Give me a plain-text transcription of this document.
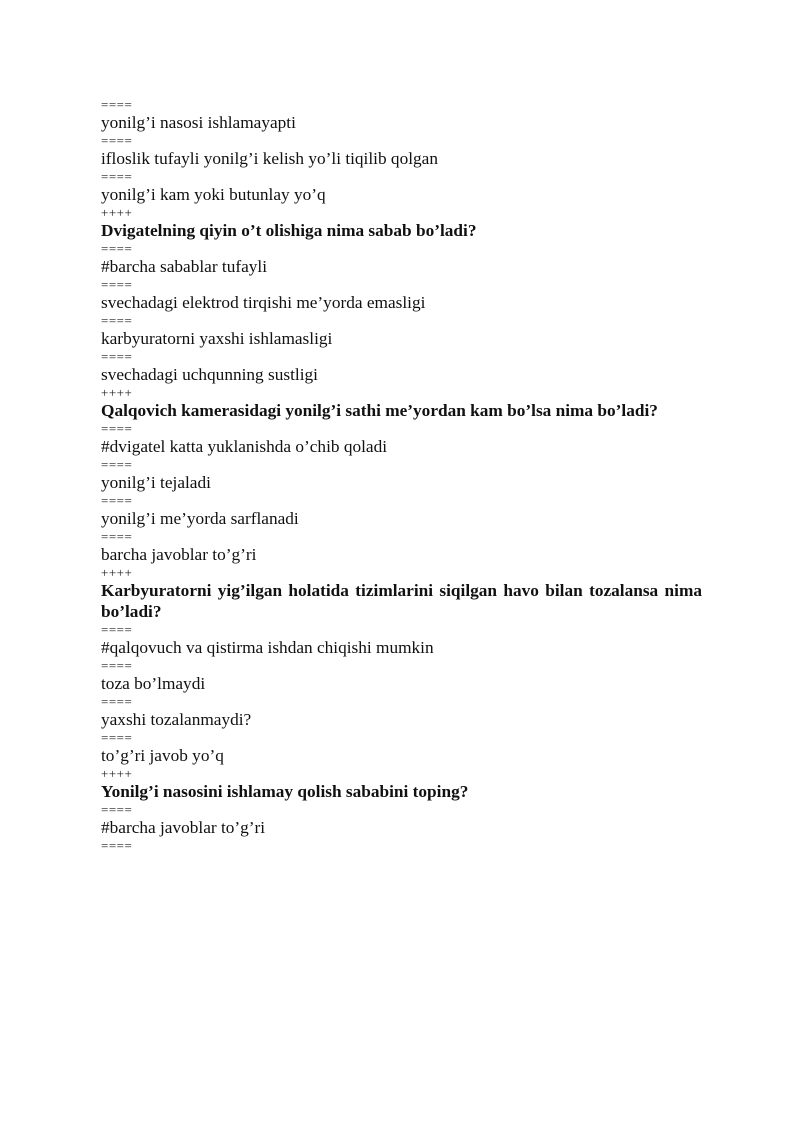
====

yonilg’i nasosi ishlamayapti

====

ifloslik tufayli yonilg’i kelish yo’li tiqilib qolgan

====

yonilg’i kam yoki butunlay yo’q

++++

Dvigatelning qiyin o’t olishiga nima sabab bo’ladi?

====

#barcha sabablar tufayli

====

svechadagi elektrod tirqishi me’yorda emasligi

====

karbyuratorni yaxshi ishlamasligi

====

svechadagi uchqunning sustligi

++++

Qalqovich kamerasidagi yonilg’i sathi me’yordan kam bo’lsa nima bo’ladi?

====

#dvigatel katta yuklanishda o’chib qoladi

====

yonilg’i tejaladi

====

yonilg’i me’yorda sarflanadi

====

barcha javoblar to’g’ri

++++

Karbyuratorni yig’ilgan holatida tizimlarini siqilgan havo bilan tozalansa nima bo’ladi?

====

#qalqovuch va qistirma ishdan chiqishi mumkin

====

toza bo’lmaydi

====

yaxshi tozalanmaydi?

====

to’g’ri javob yo’q

++++

Yonilg’i nasosini ishlamay qolish sababini toping?

====

#barcha javoblar to’g’ri

====
